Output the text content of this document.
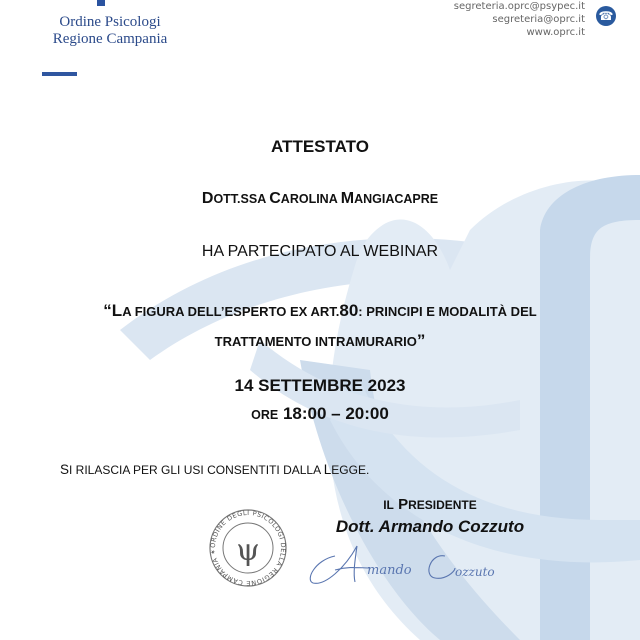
Ordine Psicologi
Regione Campania
segreteria.oprc@psypec.it
segreteria@oprc.it
www.oprc.it
☎
ATTESTATO
DOTT.SSA CAROLINA MANGIACAPRE
HA PARTECIPATO AL WEBINAR
“LA FIGURA DELL’ESPERTO EX ART.80: PRINCIPI E MODALITÀ DEL
TRATTAMENTO INTRAMURARIO”
14 SETTEMBRE 2023
ORE 18:00 – 20:00
SI RILASCIA PER GLI USI CONSENTITI DALLA LEGGE.
IL PRESIDENTE
Dott. Armando Cozzuto
ORDINE DEGLI PSICOLOGI DELLA REGIONE CAMPANIA ✶ ψ
mando	ozzuto
